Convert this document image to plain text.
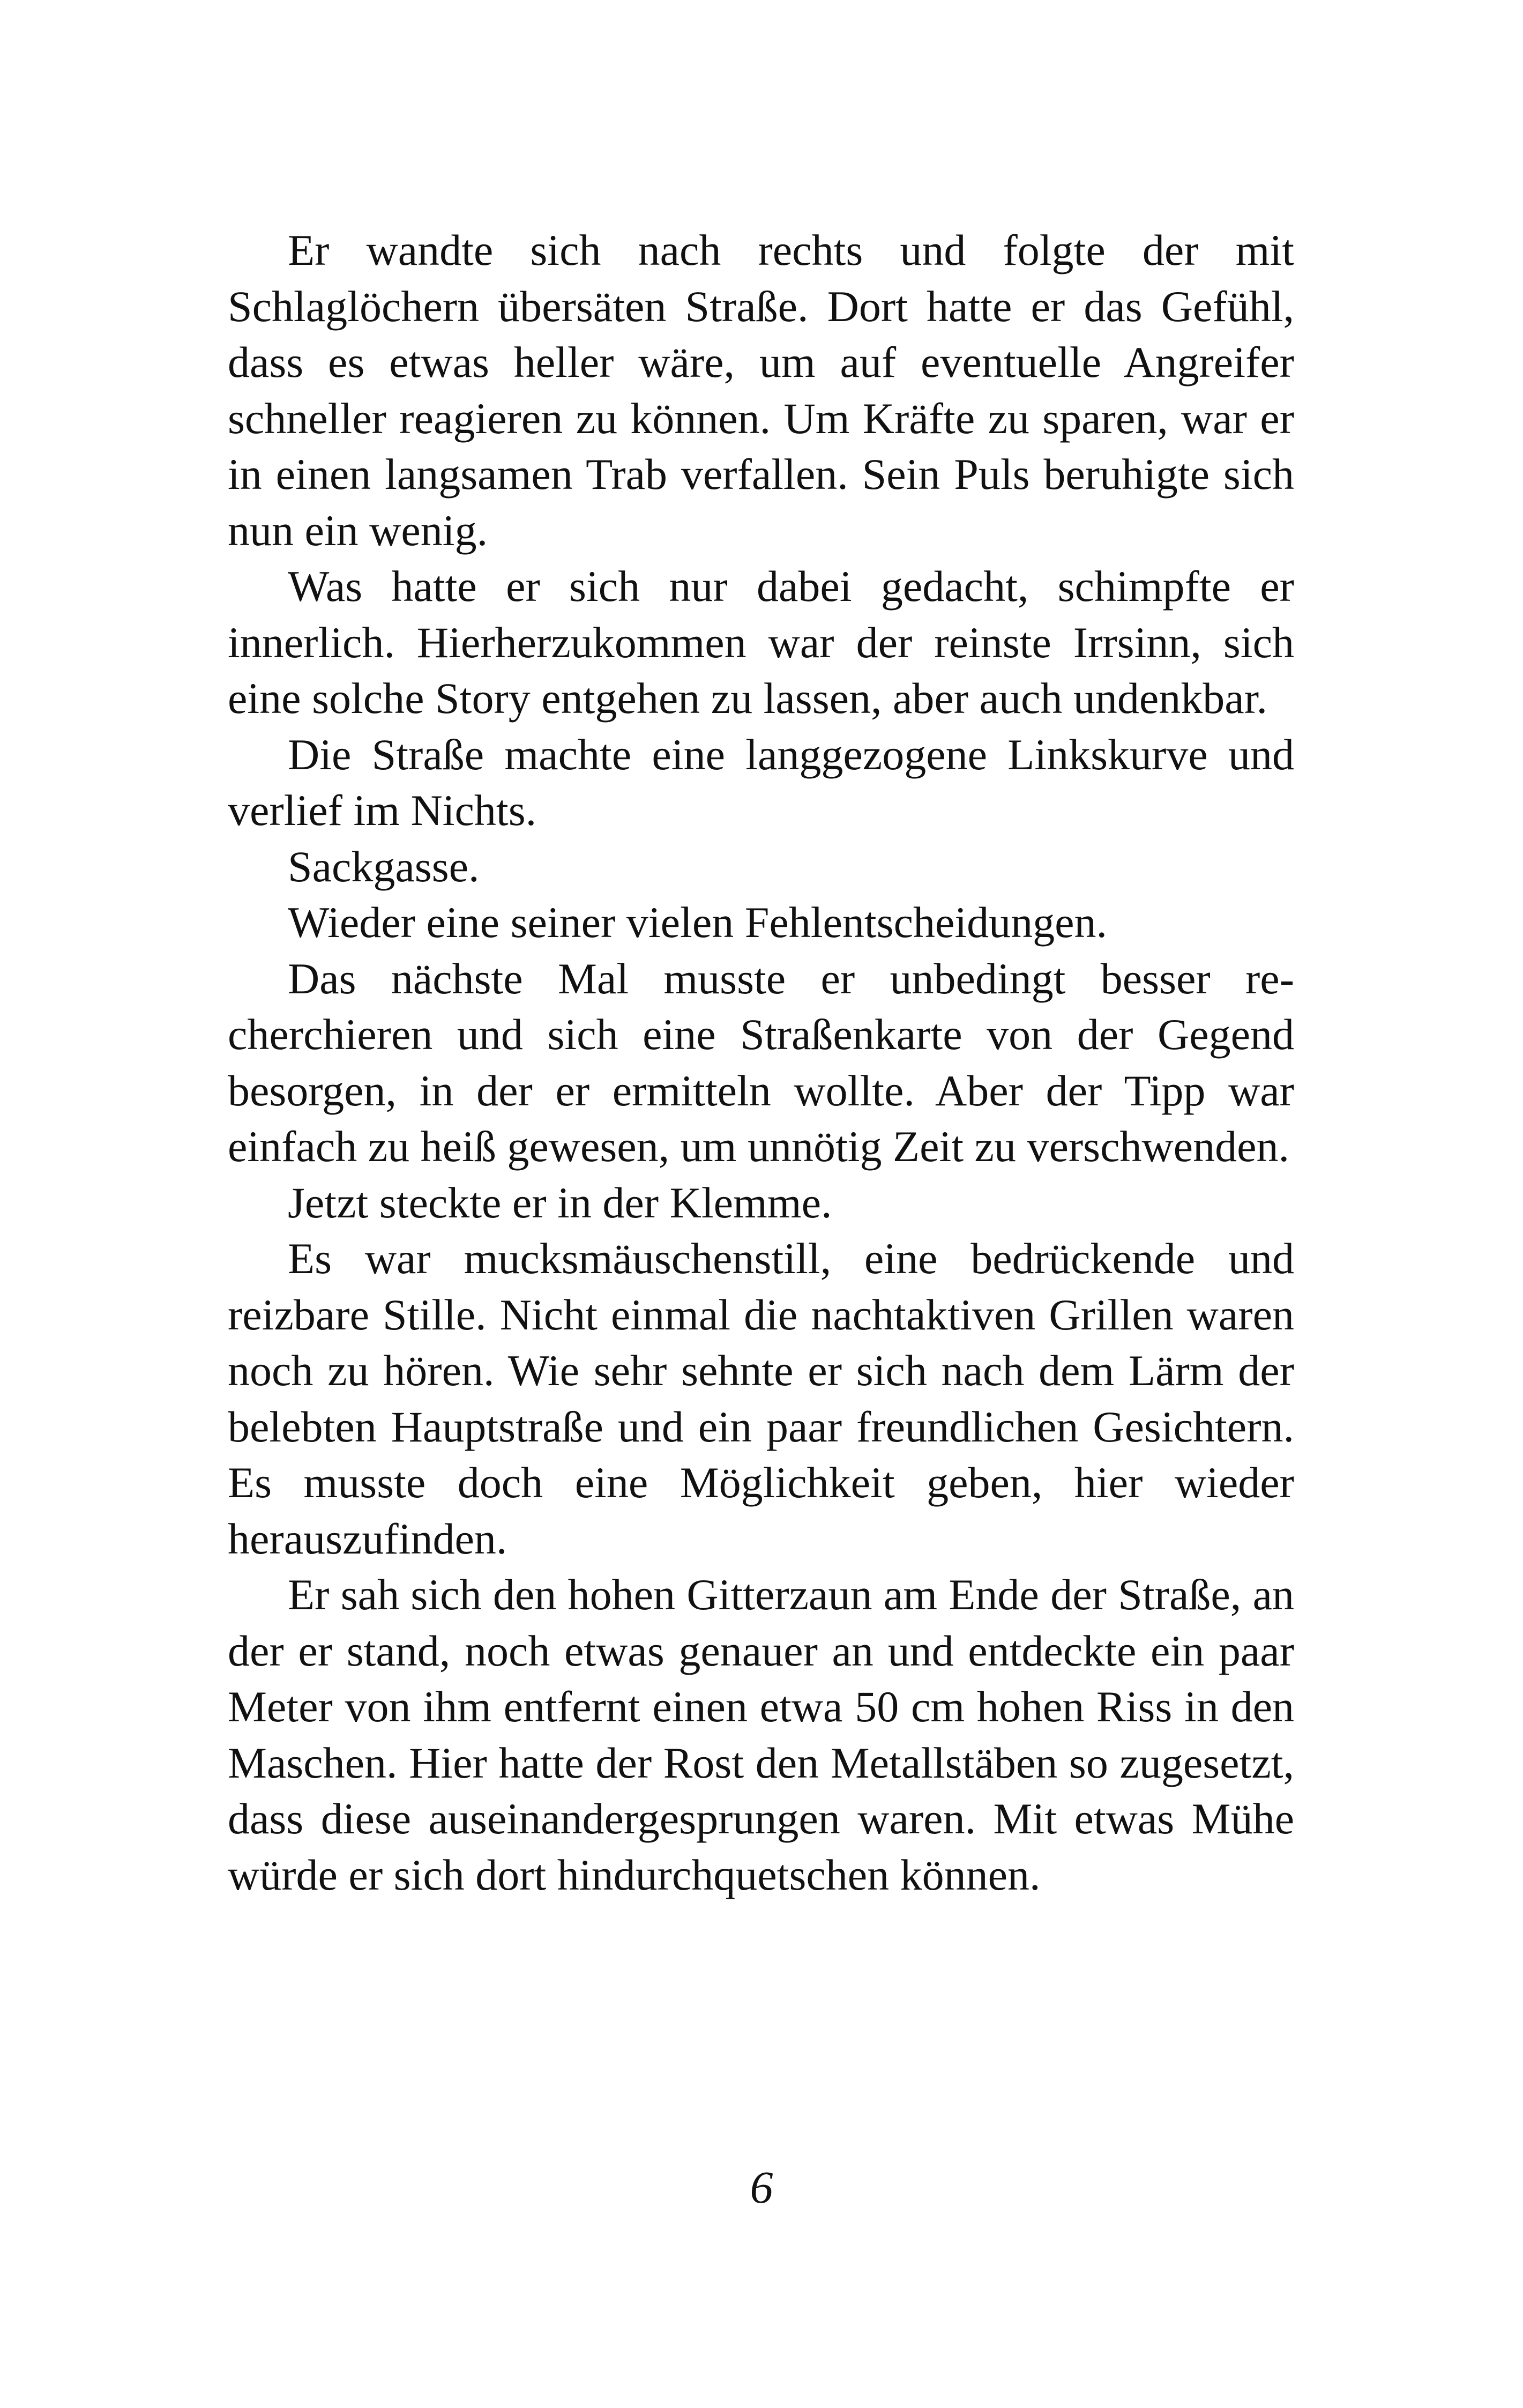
Er wandte sich nach rechts und folgte der mit Schlaglöchern übersäten Straße. Dort hatte er das Gefühl, dass es etwas heller wäre, um auf eventuelle Angreifer schneller reagieren zu können. Um Kräfte zu sparen, war er in einen langsamen Trab verfallen. Sein Puls beruhigte sich nun ein wenig.

Was hatte er sich nur dabei gedacht, schimpfte er innerlich. Hierherzukommen war der reinste Irrsinn, sich eine solche Story entgehen zu lassen, aber auch undenkbar.

Die Straße machte eine langgezogene Linkskurve und verlief im Nichts.

Sackgasse.

Wieder eine seiner vielen Fehlentscheidungen.

Das nächste Mal musste er unbedingt besser recherchieren und sich eine Straßenkarte von der Gegend besorgen, in der er ermitteln wollte. Aber der Tipp war einfach zu heiß gewesen, um unnötig Zeit zu verschwenden.

Jetzt steckte er in der Klemme.

Es war mucksmäuschenstill, eine bedrückende und reizbare Stille. Nicht einmal die nachtaktiven Grillen waren noch zu hören. Wie sehr sehnte er sich nach dem Lärm der belebten Hauptstraße und ein paar freundlichen Gesichtern. Es musste doch eine Möglichkeit geben, hier wieder herauszufinden.

Er sah sich den hohen Gitterzaun am Ende der Straße, an der er stand, noch etwas genauer an und entdeckte ein paar Meter von ihm entfernt einen etwa 50 cm hohen Riss in den Maschen. Hier hatte der Rost den Metallstäben so zugesetzt, dass diese auseinandergesprungen waren. Mit etwas Mühe würde er sich dort hindurchquetschen können.

6
